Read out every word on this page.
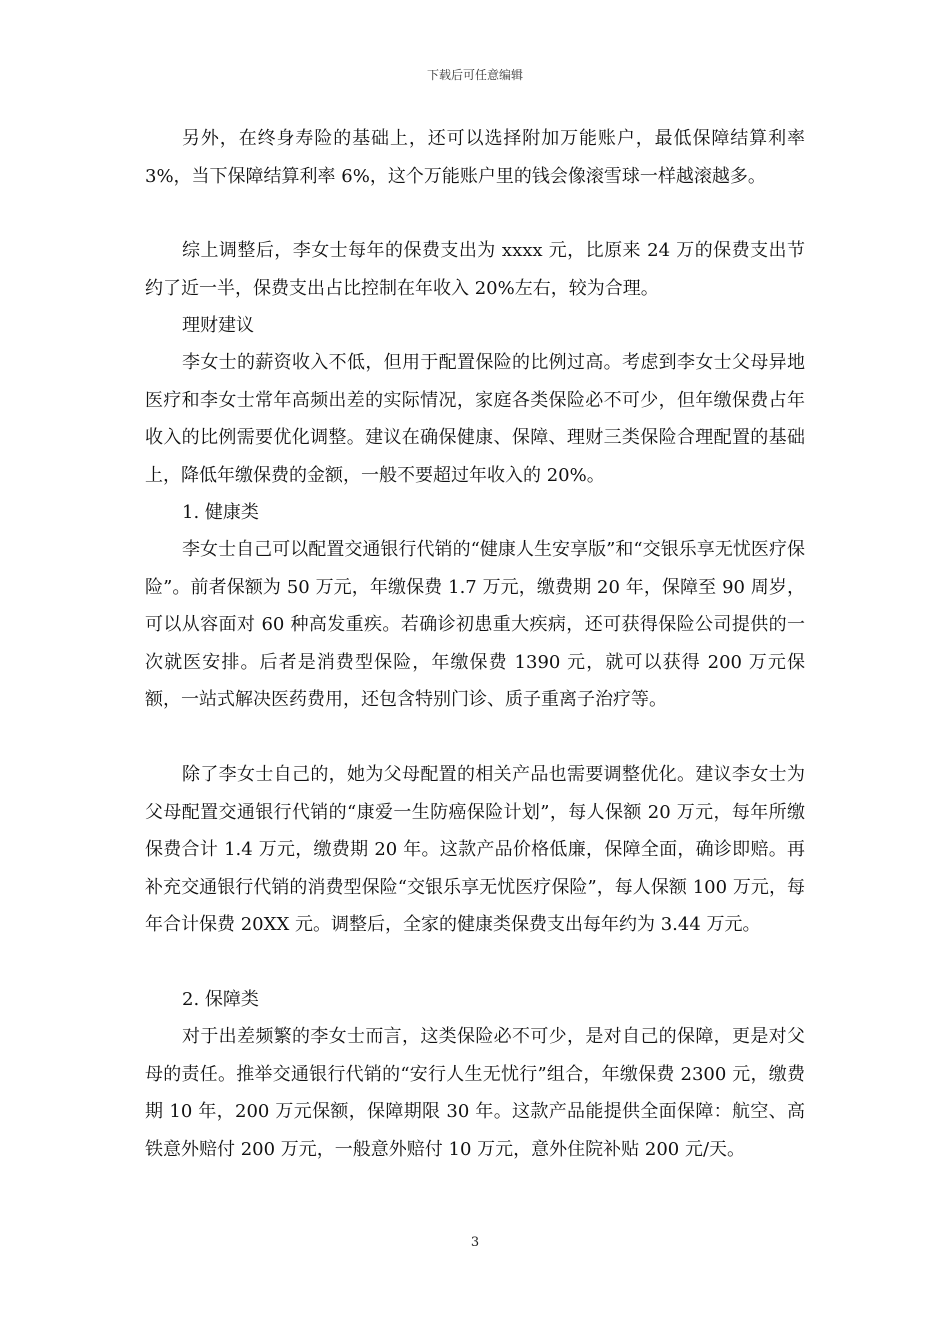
下载后可任意编辑

另外，在终身寿险的基础上，还可以选择附加万能账户，最低保障结算利率 3%，当下保障结算利率 6%，这个万能账户里的钱会像滚雪球一样越滚越多。

综上调整后，李女士每年的保费支出为 xxxx 元，比原来 24 万的保费支出节约了近一半，保费支出占比控制在年收入 20%左右，较为合理。

理财建议

李女士的薪资收入不低，但用于配置保险的比例过高。考虑到李女士父母异地医疗和李女士常年高频出差的实际情况，家庭各类保险必不可少，但年缴保费占年收入的比例需要优化调整。建议在确保健康、保障、理财三类保险合理配置的基础上，降低年缴保费的金额，一般不要超过年收入的 20%。

1. 健康类

李女士自己可以配置交通银行代销的“健康人生安享版”和“交银乐享无忧医疗保险”。前者保额为 50 万元，年缴保费 1.7 万元，缴费期 20 年，保障至 90 周岁，可以从容面对 60 种高发重疾。若确诊初患重大疾病，还可获得保险公司提供的一次就医安排。后者是消费型保险，年缴保费 1390 元，就可以获得 200 万元保额，一站式解决医药费用，还包含特别门诊、质子重离子治疗等。

除了李女士自己的，她为父母配置的相关产品也需要调整优化。建议李女士为父母配置交通银行代销的“康爱一生防癌保险计划”，每人保额 20 万元，每年所缴保费合计 1.4 万元，缴费期 20 年。这款产品价格低廉，保障全面，确诊即赔。再补充交通银行代销的消费型保险“交银乐享无忧医疗保险”，每人保额 100 万元，每年合计保费 20XX 元。调整后，全家的健康类保费支出每年约为 3.44 万元。

2. 保障类

对于出差频繁的李女士而言，这类保险必不可少，是对自己的保障，更是对父母的责任。推举交通银行代销的“安行人生无忧行”组合，年缴保费 2300 元，缴费期 10 年，200 万元保额，保障期限 30 年。这款产品能提供全面保障：航空、高铁意外赔付 200 万元，一般意外赔付 10 万元，意外住院补贴 200 元/天。

3
